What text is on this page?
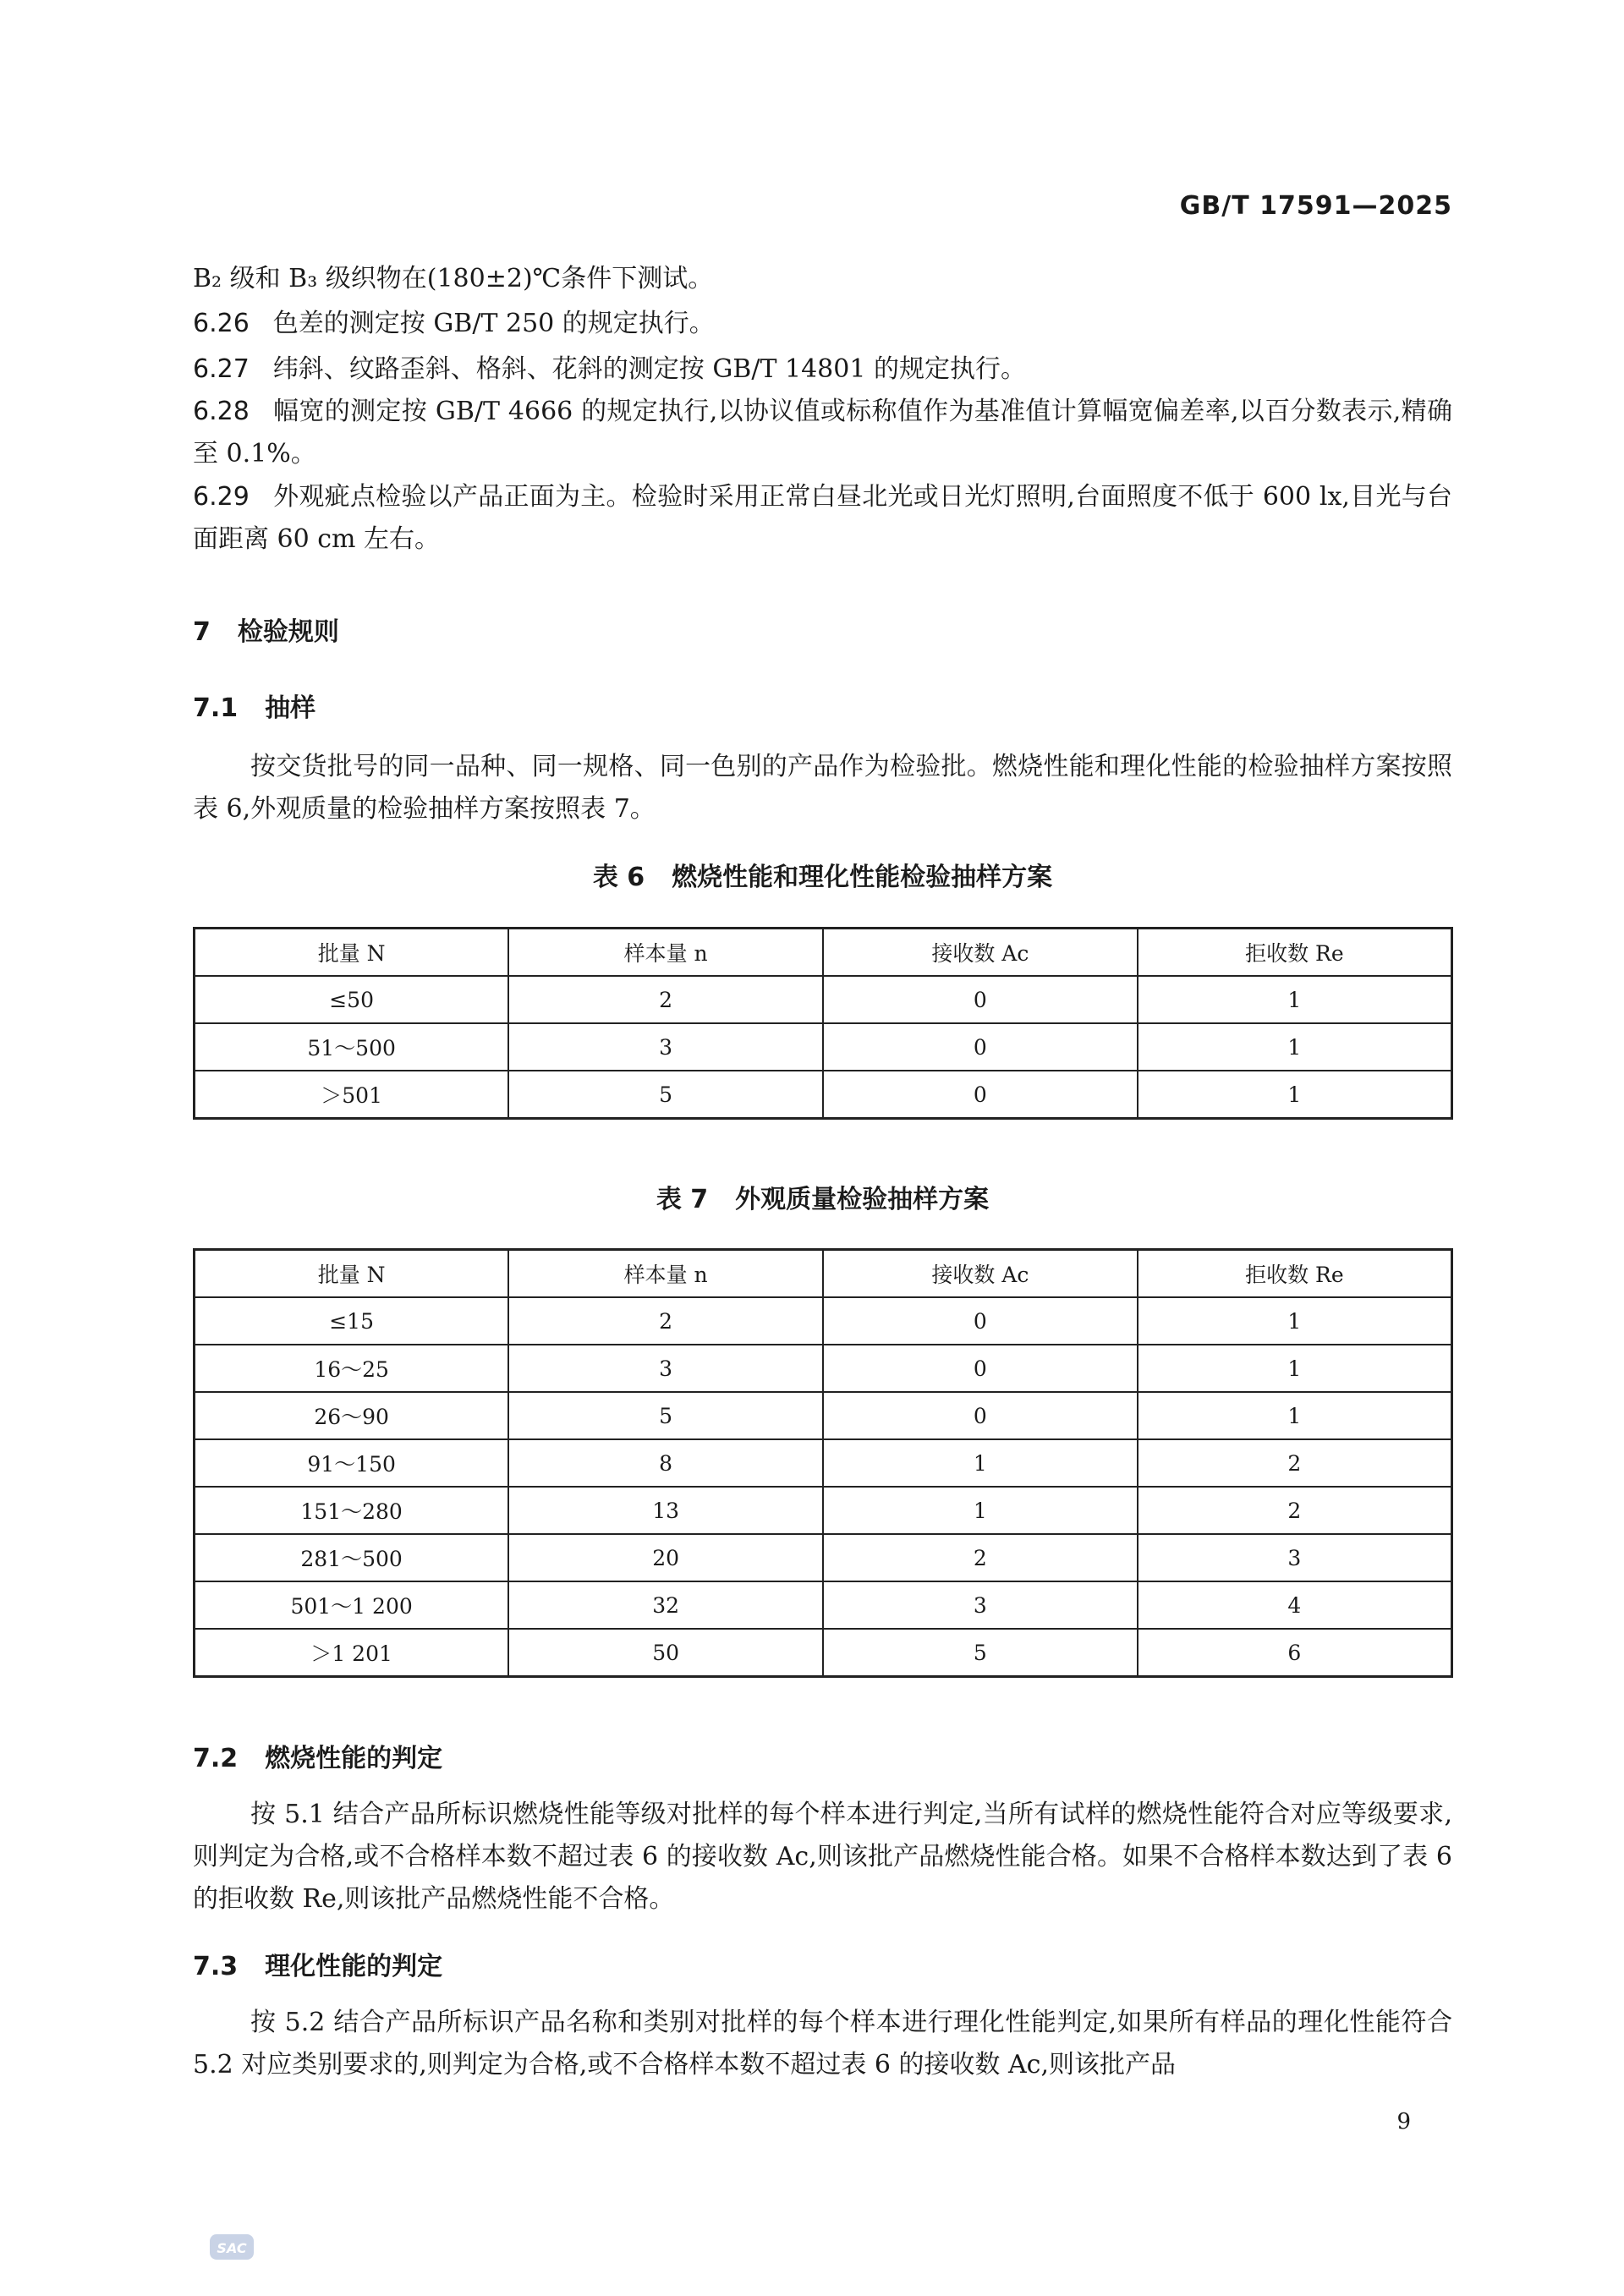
GB/T 17591—2025

B₂ 级和 B₃ 级织物在(180±2)℃条件下测试。

6.26 色差的测定按 GB/T 250 的规定执行。

6.27 纬斜、纹路歪斜、格斜、花斜的测定按 GB/T 14801 的规定执行。

6.28 幅宽的测定按 GB/T 4666 的规定执行,以协议值或标称值作为基准值计算幅宽偏差率,以百分数表示,精确至 0.1%。

6.29 外观疵点检验以产品正面为主。检验时采用正常白昼北光或日光灯照明,台面照度不低于 600 lx,目光与台面距离 60 cm 左右。

7 检验规则
7.1 抽样

按交货批号的同一品种、同一规格、同一色别的产品作为检验批。燃烧性能和理化性能的检验抽样方案按照表 6,外观质量的检验抽样方案按照表 7。

表 6 燃烧性能和理化性能检验抽样方案
批量 N	样本量 n	接收数 Ac	拒收数 Re
≤50	2	0	1
51～500	3	0	1
＞501	5	0	1
表 7 外观质量检验抽样方案
批量 N	样本量 n	接收数 Ac	拒收数 Re
≤15	2	0	1
16～25	3	0	1
26～90	5	0	1
91～150	8	1	2
151～280	13	1	2
281～500	20	2	3
501～1 200	32	3	4
＞1 201	50	5	6
7.2 燃烧性能的判定

按 5.1 结合产品所标识燃烧性能等级对批样的每个样本进行判定,当所有试样的燃烧性能符合对应等级要求,则判定为合格,或不合格样本数不超过表 6 的接收数 Ac,则该批产品燃烧性能合格。如果不合格样本数达到了表 6 的拒收数 Re,则该批产品燃烧性能不合格。

7.3 理化性能的判定

按 5.2 结合产品所标识产品名称和类别对批样的每个样本进行理化性能判定,如果所有样品的理化性能符合 5.2 对应类别要求的,则判定为合格,或不合格样本数不超过表 6 的接收数 Ac,则该批产品

9
SAC
